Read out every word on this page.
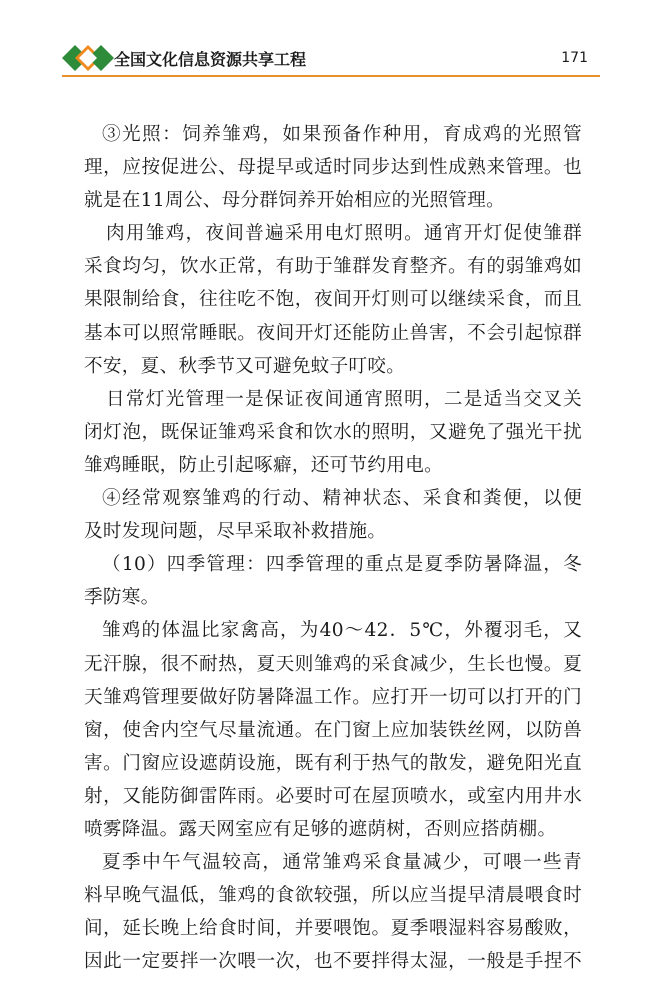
全国文化信息资源共享工程	171
③光照：饲养雏鸡，如果预备作种用，育成鸡的光照管
理，应按促进公、母提早或适时同步达到性成熟来管理。也
就是在11周公、母分群饲养开始相应的光照管理。
肉用雏鸡，夜间普遍采用电灯照明。通宵开灯促使雏群
采食均匀，饮水正常，有助于雏群发育整齐。有的弱雏鸡如
果限制给食，往往吃不饱，夜间开灯则可以继续采食，而且
基本可以照常睡眠。夜间开灯还能防止兽害，不会引起惊群
不安，夏、秋季节又可避免蚊子叮咬。
日常灯光管理一是保证夜间通宵照明，二是适当交叉关
闭灯泡，既保证雏鸡采食和饮水的照明，又避免了强光干扰
雏鸡睡眠，防止引起啄癖，还可节约用电。
④经常观察雏鸡的行动、精神状态、采食和粪便，以便
及时发现问题，尽早采取补救措施。
（10）四季管理：四季管理的重点是夏季防暑降温，冬
季防寒。
雏鸡的体温比家禽高，为40～42．5℃，外覆羽毛，又
无汗腺，很不耐热，夏天则雏鸡的采食减少，生长也慢。夏
天雏鸡管理要做好防暑降温工作。应打开一切可以打开的门
窗，使舍内空气尽量流通。在门窗上应加装铁丝网，以防兽
害。门窗应设遮荫设施，既有利于热气的散发，避免阳光直
射，又能防御雷阵雨。必要时可在屋顶喷水，或室内用井水
喷雾降温。露天网室应有足够的遮荫树，否则应搭荫棚。
夏季中午气温较高，通常雏鸡采食量减少，可喂一些青
料早晚气温低，雏鸡的食欲较强，所以应当提早清晨喂食时
间，延长晚上给食时间，并要喂饱。夏季喂湿料容易酸败，
因此一定要拌一次喂一次，也不要拌得太湿，一般是手捏不
